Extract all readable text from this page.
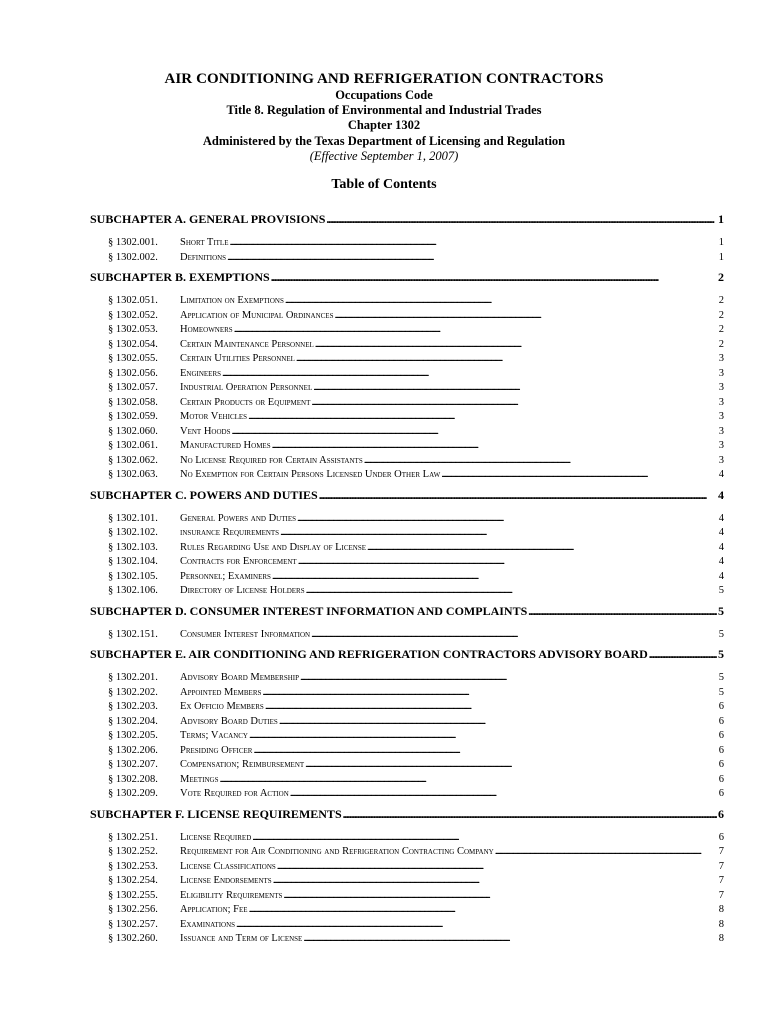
AIR CONDITIONING AND REFRIGERATION CONTRACTORS
Occupations Code
Title 8. Regulation of Environmental and Industrial Trades
Chapter 1302
Administered by the Texas Department of Licensing and Regulation
(Effective September 1, 2007)
Table of Contents
SUBCHAPTER A. GENERAL PROVISIONS . . .	1
§ 1302.001.	Short Title . . .	1
§ 1302.002.	Definitions . . .	1
SUBCHAPTER B. EXEMPTIONS . . .	2
§ 1302.051.	Limitation on Exemptions . . .	2
§ 1302.052.	Application of Municipal Ordinances . . .	2
§ 1302.053.	Homeowners . . .	2
§ 1302.054.	Certain Maintenance Personnel . . .	2
§ 1302.055.	Certain Utilities Personnel . . .	3
§ 1302.056.	Engineers . . .	3
§ 1302.057.	Industrial Operation Personnel . . .	3
§ 1302.058.	Certain Products or Equipment . . .	3
§ 1302.059.	Motor Vehicles . . .	3
§ 1302.060.	Vent Hoods . . .	3
§ 1302.061.	Manufactured Homes . . .	3
§ 1302.062.	No License Required for Certain Assistants . . .	3
§ 1302.063.	No Exemption for Certain Persons Licensed Under Other Law . . .	4
SUBCHAPTER C. POWERS AND DUTIES . . .	4
§ 1302.101.	General Powers and Duties . . .	4
§ 1302.102.	insurance Requirements . . .	4
§ 1302.103.	Rules Regarding Use and Display of License . . .	4
§ 1302.104.	Contracts for Enforcement . . .	4
§ 1302.105.	Personnel; Examiners . . .	4
§ 1302.106.	Directory of License Holders . . .	5
SUBCHAPTER D. CONSUMER INTEREST INFORMATION AND COMPLAINTS . . .	5
§ 1302.151.	Consumer Interest Information . . .	5
SUBCHAPTER E. AIR CONDITIONING AND REFRIGERATION CONTRACTORS ADVISORY BOARD . . .	5
§ 1302.201.	Advisory Board Membership . . .	5
§ 1302.202.	Appointed Members . . .	5
§ 1302.203.	Ex Officio Members . . .	6
§ 1302.204.	Advisory Board Duties . . .	6
§ 1302.205.	Terms; Vacancy . . .	6
§ 1302.206.	Presiding Officer . . .	6
§ 1302.207.	Compensation; Reimbursement . . .	6
§ 1302.208.	Meetings . . .	6
§ 1302.209.	Vote Required for Action . . .	6
SUBCHAPTER F. LICENSE REQUIREMENTS . . .	6
§ 1302.251.	License Required . . .	6
§ 1302.252.	Requirement for Air Conditioning and Refrigeration Contracting Company . . .	7
§ 1302.253.	License Classifications . . .	7
§ 1302.254.	License Endorsements . . .	7
§ 1302.255.	Eligibility Requirements . . .	7
§ 1302.256.	Application; Fee . . .	8
§ 1302.257.	Examinations . . .	8
§ 1302.260.	Issuance and Term of License . . .	8
